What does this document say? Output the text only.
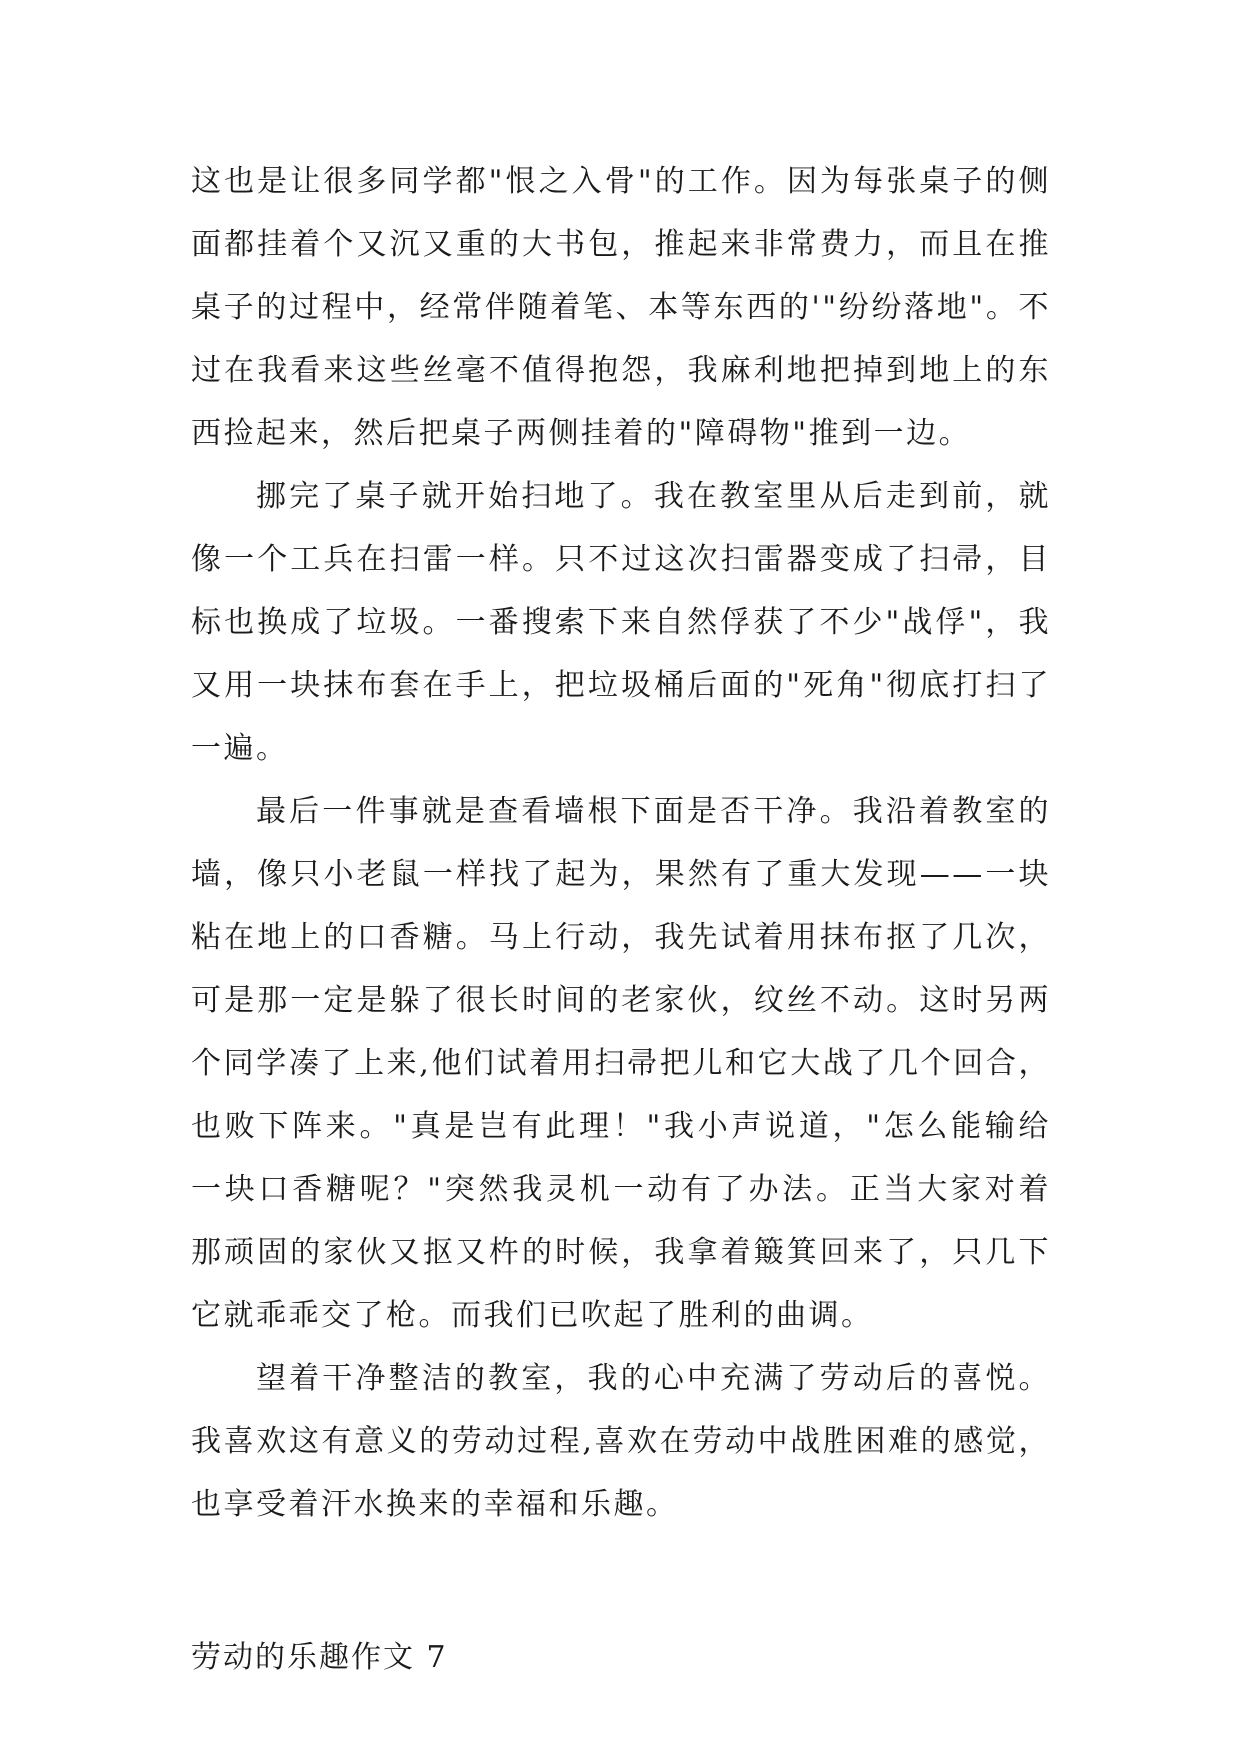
这也是让很多同学都"恨之入骨"的工作。因为每张桌子的侧面都挂着个又沉又重的大书包，推起来非常费力，而且在推桌子的过程中，经常伴随着笔、本等东西的'"纷纷落地"。不过在我看来这些丝毫不值得抱怨，我麻利地把掉到地上的东西捡起来，然后把桌子两侧挂着的"障碍物"推到一边。

挪完了桌子就开始扫地了。我在教室里从后走到前，就像一个工兵在扫雷一样。只不过这次扫雷器变成了扫帚，目标也换成了垃圾。一番搜索下来自然俘获了不少"战俘"，我又用一块抹布套在手上，把垃圾桶后面的"死角"彻底打扫了一遍。

最后一件事就是查看墙根下面是否干净。我沿着教室的墙，像只小老鼠一样找了起为，果然有了重大发现——一块粘在地上的口香糖。马上行动，我先试着用抹布抠了几次，可是那一定是躲了很长时间的老家伙，纹丝不动。这时另两个同学凑了上来,他们试着用扫帚把儿和它大战了几个回合，也败下阵来。"真是岂有此理！"我小声说道，"怎么能输给一块口香糖呢？"突然我灵机一动有了办法。正当大家对着那顽固的家伙又抠又杵的时候，我拿着簸箕回来了，只几下它就乖乖交了枪。而我们已吹起了胜利的曲调。

望着干净整洁的教室，我的心中充满了劳动后的喜悦。我喜欢这有意义的劳动过程,喜欢在劳动中战胜困难的感觉，也享受着汗水换来的幸福和乐趣。

劳动的乐趣作文 7
